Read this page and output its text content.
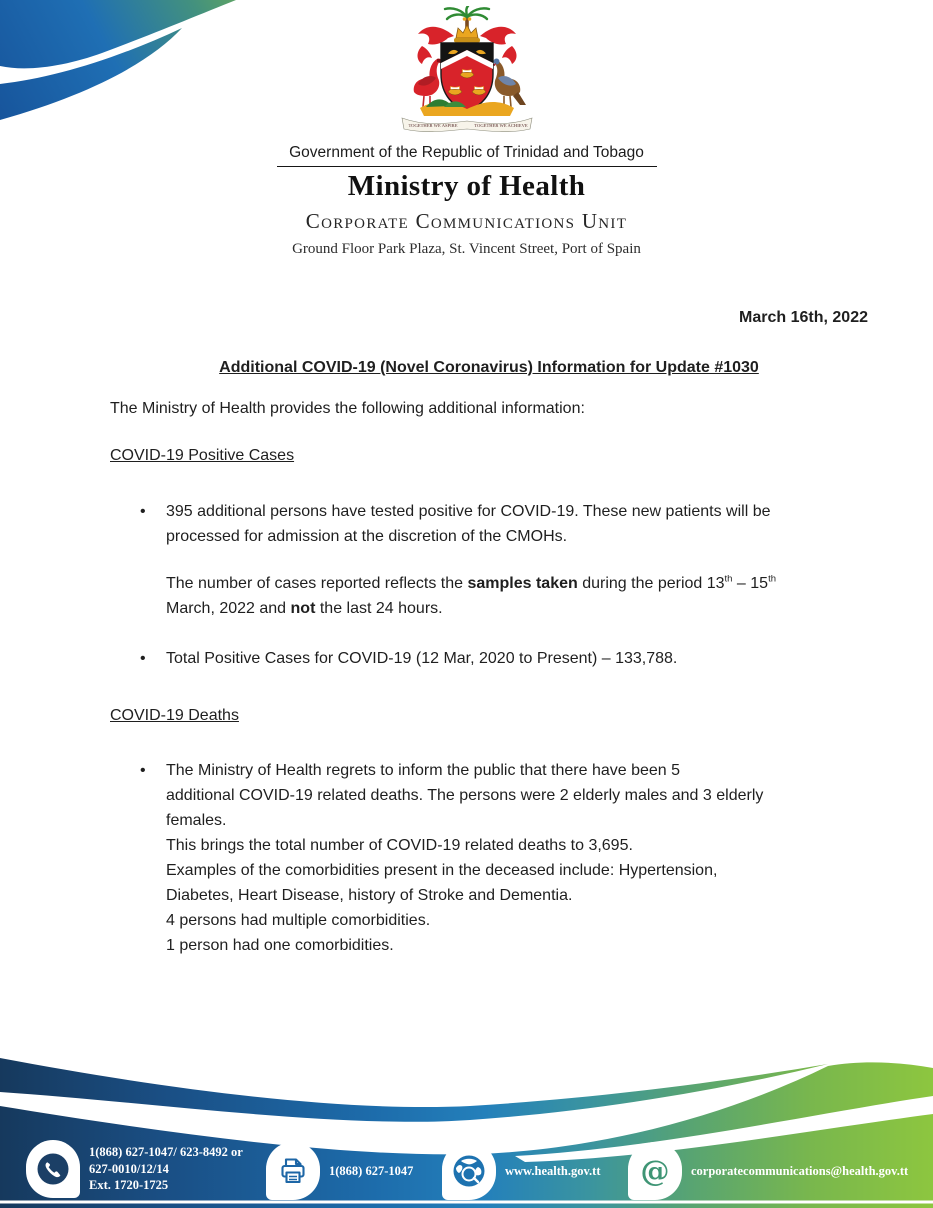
TOGETHER WE ASPIRE	TOGETHER WE ACHIEVE
Government of the Republic of Trinidad and Tobago
Ministry of Health
Corporate Communications Unit
Ground Floor Park Plaza, St. Vincent Street, Port of Spain
March 16th, 2022
Additional COVID-19 (Novel Coronavirus) Information for Update #1030
The Ministry of Health provides the following additional information:
COVID-19 Positive Cases
•	395 additional persons have tested positive for COVID-19. These new patients will be
processed for admission at the discretion of the CMOHs.
The number of cases reported reflects the samples taken during the period 13th – 15th
March, 2022 and not the last 24 hours.
•	Total Positive Cases for COVID-19 (12 Mar, 2020 to Present) – 133,788.
COVID-19 Deaths
•	The Ministry of Health regrets to inform the public that there have been 5
additional COVID-19 related deaths. The persons were 2 elderly males and 3 elderly
females.
This brings the total number of COVID-19 related deaths to 3,695.
Examples of the comorbidities present in the deceased include: Hypertension,
Diabetes, Heart Disease, history of Stroke and Dementia.
4 persons had multiple comorbidities.
1 person had one comorbidities.
1(868) 627-1047/ 623-8492 or
627-0010/12/14
Ext. 1720-1725
1(868) 627-1047	www.health.gov.tt @ corporatecommunications@health.gov.tt
